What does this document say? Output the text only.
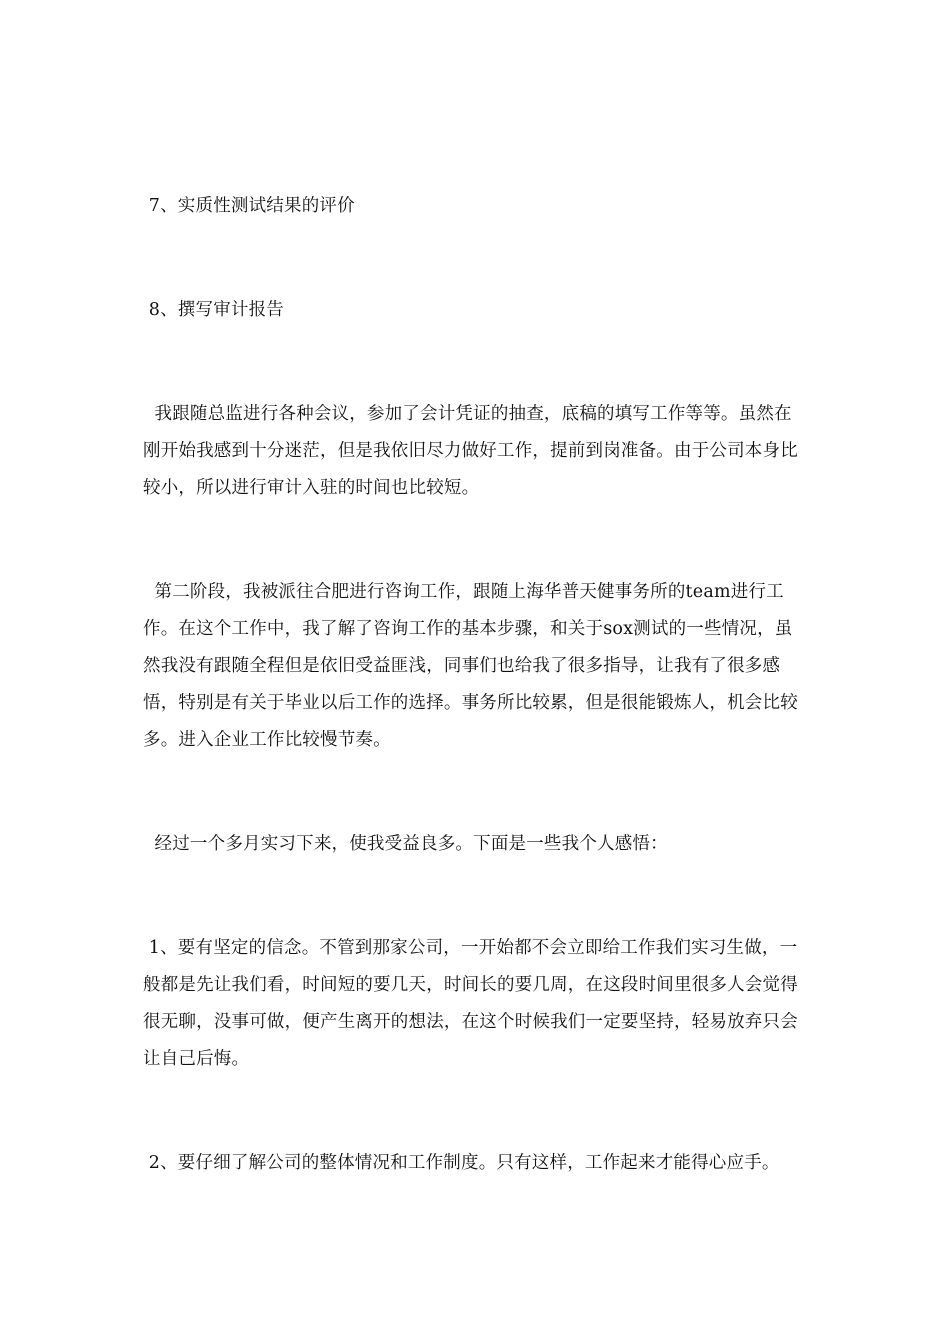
7、实质性测试结果的评价

8、撰写审计报告

我跟随总监进行各种会议，参加了会计凭证的抽查，底稿的填写工作等等。虽然在刚开始我感到十分迷茫，但是我依旧尽力做好工作，提前到岗准备。由于公司本身比较小，所以进行审计入驻的时间也比较短。

第二阶段，我被派往合肥进行咨询工作，跟随上海华普天健事务所的team进行工作。在这个工作中，我了解了咨询工作的基本步骤，和关于sox测试的一些情况，虽然我没有跟随全程但是依旧受益匪浅，同事们也给我了很多指导，让我有了很多感悟，特别是有关于毕业以后工作的选择。事务所比较累，但是很能锻炼人，机会比较多。进入企业工作比较慢节奏。

经过一个多月实习下来，使我受益良多。下面是一些我个人感悟：

1、要有坚定的信念。不管到那家公司，一开始都不会立即给工作我们实习生做，一般都是先让我们看，时间短的要几天，时间长的要几周，在这段时间里很多人会觉得很无聊，没事可做，便产生离开的想法，在这个时候我们一定要坚持，轻易放弃只会让自己后悔。

2、要仔细了解公司的整体情况和工作制度。只有这样，工作起来才能得心应手。
